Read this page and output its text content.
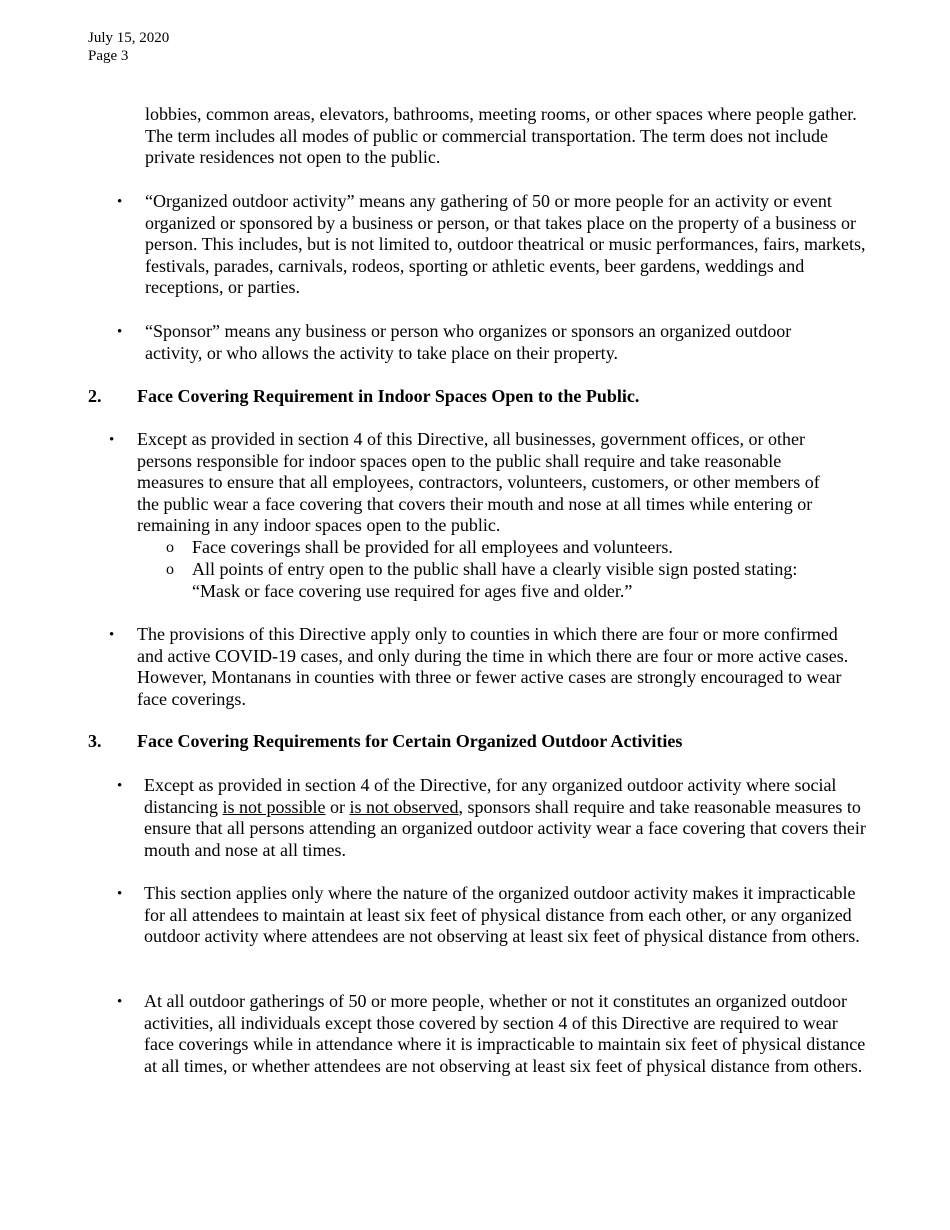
July 15, 2020
Page 3

lobbies, common areas, elevators, bathrooms, meeting rooms, or other spaces where people gather. The term includes all modes of public or commercial transportation. The term does not include private residences not open to the public.

• “Organized outdoor activity” means any gathering of 50 or more people for an activity or event organized or sponsored by a business or person, or that takes place on the property of a business or person. This includes, but is not limited to, outdoor theatrical or music performances, fairs, markets, festivals, parades, carnivals, rodeos, sporting or athletic events, beer gardens, weddings and receptions, or parties.

• “Sponsor” means any business or person who organizes or sponsors an organized outdoor activity, or who allows the activity to take place on their property.

2. Face Covering Requirement in Indoor Spaces Open to the Public.
• Except as provided in section 4 of this Directive, all businesses, government offices, or other persons responsible for indoor spaces open to the public shall require and take reasonable measures to ensure that all employees, contractors, volunteers, customers, or other members of the public wear a face covering that covers their mouth and nose at all times while entering or remaining in any indoor spaces open to the public.

o Face coverings shall be provided for all employees and volunteers.

o All points of entry open to the public shall have a clearly visible sign posted stating: “Mask or face covering use required for ages five and older.”

• The provisions of this Directive apply only to counties in which there are four or more confirmed and active COVID-19 cases, and only during the time in which there are four or more active cases. However, Montanans in counties with three or fewer active cases are strongly encouraged to wear face coverings.

3. Face Covering Requirements for Certain Organized Outdoor Activities
• Except as provided in section 4 of the Directive, for any organized outdoor activity where social distancing is not possible or is not observed, sponsors shall require and take reasonable measures to ensure that all persons attending an organized outdoor activity wear a face covering that covers their mouth and nose at all times.

• This section applies only where the nature of the organized outdoor activity makes it impracticable for all attendees to maintain at least six feet of physical distance from each other, or any organized outdoor activity where attendees are not observing at least six feet of physical distance from others.

• At all outdoor gatherings of 50 or more people, whether or not it constitutes an organized outdoor activities, all individuals except those covered by section 4 of this Directive are required to wear face coverings while in attendance where it is impracticable to maintain six feet of physical distance at all times, or whether attendees are not observing at least six feet of physical distance from others.
